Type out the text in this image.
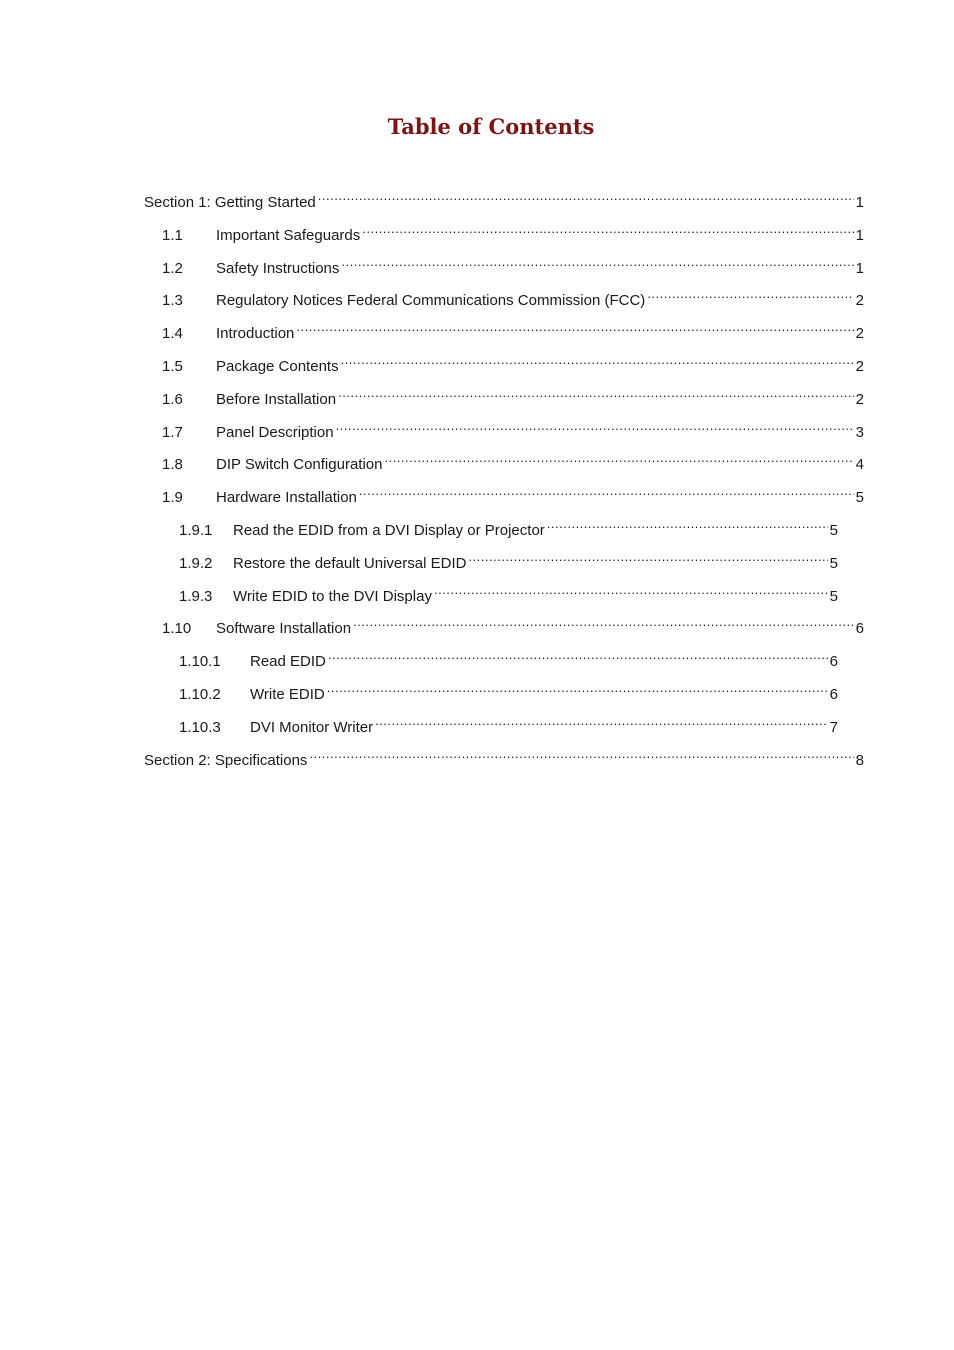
Table of Contents
Section 1: Getting Started .....	1
1.1	Important Safeguards .....	1
1.2	Safety Instructions .....	1
1.3	Regulatory Notices Federal Communications Commission (FCC) .....	2
1.4	Introduction .....	2
1.5	Package Contents .....	2
1.6	Before Installation .....	2
1.7	Panel Description .....	3
1.8	DIP Switch Configuration .....	4
1.9	Hardware Installation .....	5
1.9.1	Read the EDID from a DVI Display or Projector .....	5
1.9.2	Restore the default Universal EDID .....	5
1.9.3	Write EDID to the DVI Display .....	5
1.10	Software Installation .....	6
1.10.1	Read EDID .....	6
1.10.2	Write EDID .....	6
1.10.3	DVI Monitor Writer .....	7
Section 2: Specifications .....	8
